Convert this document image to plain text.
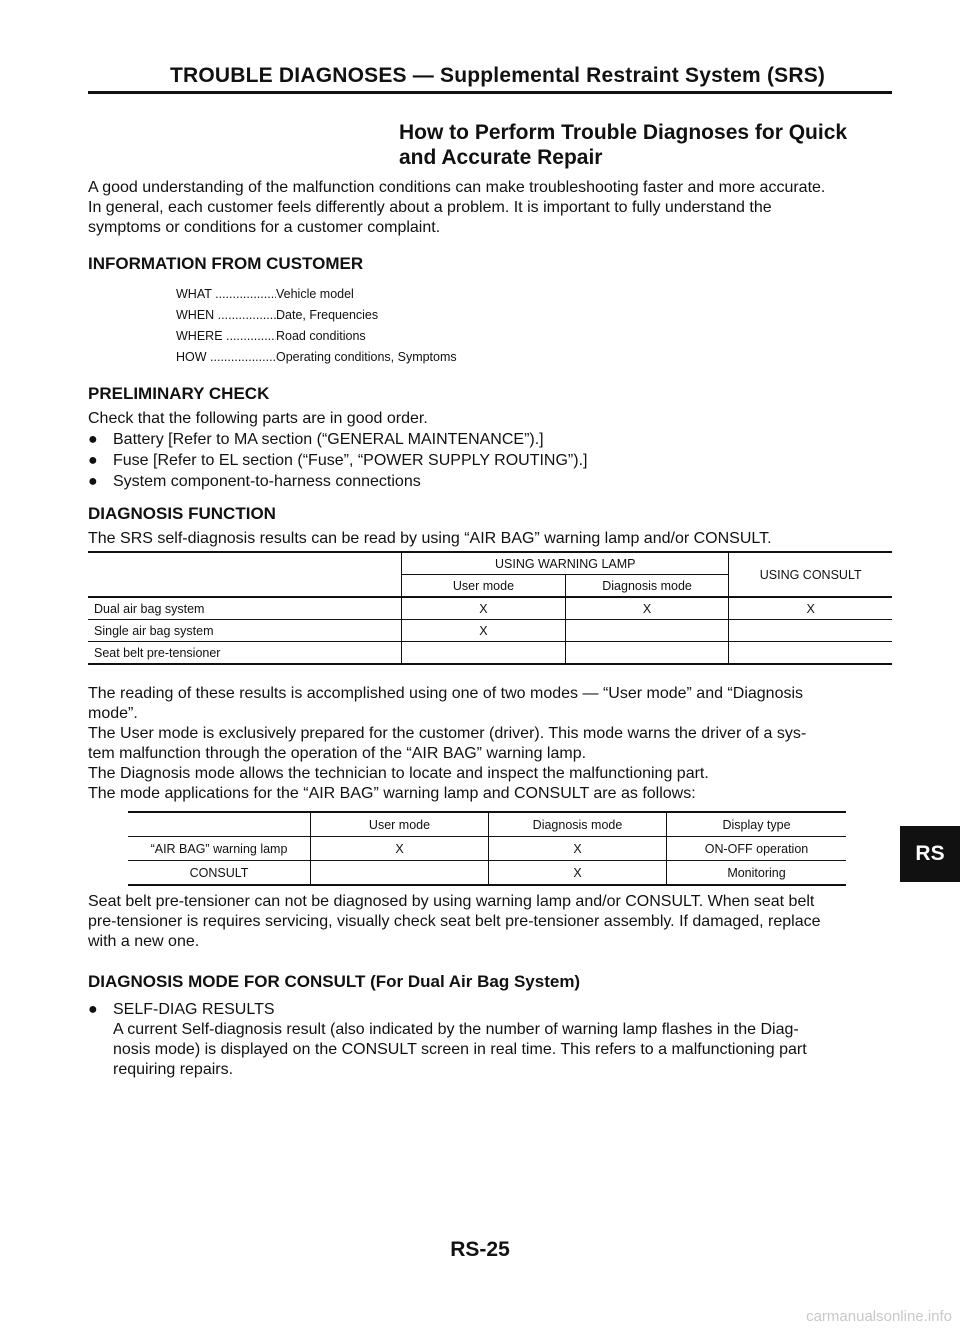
TROUBLE DIAGNOSES — Supplemental Restraint System (SRS)
How to Perform Trouble Diagnoses for Quick
and Accurate Repair

A good understanding of the malfunction conditions can make troubleshooting faster and more accurate.

In general, each customer feels differently about a problem. It is important to fully understand the

symptoms or conditions for a customer complaint.

INFORMATION FROM CUSTOMER
WHAT .....	Vehicle model
WHEN .....	Date, Frequencies
WHERE .....	Road conditions
HOW .....	Operating conditions, Symptoms
PRELIMINARY CHECK

Check that the following parts are in good order.

● Battery [Refer to MA section (“GENERAL MAINTENANCE”).]
● Fuse [Refer to EL section (“Fuse”, “POWER SUPPLY ROUTING”).]
● System component-to-harness connections
DIAGNOSIS FUNCTION
The SRS self-diagnosis results can be read by using “AIR BAG” warning lamp and/or CONSULT.
	USING WARNING LAMP		USING CONSULT
	User mode	Diagnosis mode	
Dual air bag system	X	X	X
Single air bag system	X		
Seat belt pre-tensioner			

The reading of these results is accomplished using one of two modes — “User mode” and “Diagnosis

mode”.

The User mode is exclusively prepared for the customer (driver). This mode warns the driver of a sys-

tem malfunction through the operation of the “AIR BAG” warning lamp.

The Diagnosis mode allows the technician to locate and inspect the malfunctioning part.

The mode applications for the “AIR BAG” warning lamp and CONSULT are as follows:

	User mode	Diagnosis mode	Display type
“AIR BAG” warning lamp	X	X	ON-OFF operation
CONSULT		X	Monitoring

Seat belt pre-tensioner can not be diagnosed by using warning lamp and/or CONSULT. When seat belt

pre-tensioner is requires servicing, visually check seat belt pre-tensioner assembly. If damaged, replace

with a new one.

DIAGNOSIS MODE FOR CONSULT (For Dual Air Bag System)
● SELF-DIAG RESULTS

A current Self-diagnosis result (also indicated by the number of warning lamp flashes in the Diag-

nosis mode) is displayed on the CONSULT screen in real time. This refers to a malfunctioning part

requiring repairs.

RS
RS-25
carmanualsonline.info
